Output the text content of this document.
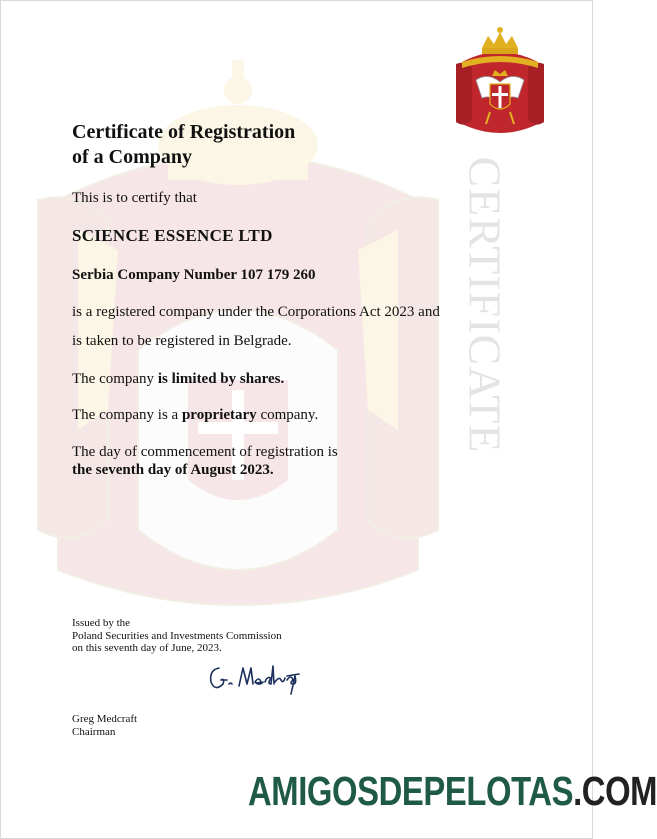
CERTIFICATE
Certificate of Registration
of a Company

This is to certify that

SCIENCE ESSENCE LTD

Serbia Company Number 107 179 260

is a registered company under the Corporations Act 2023 and

is taken to be registered in Belgrade.

The company is limited by shares.

The company is a proprietary company.

The day of commencement of registration is

the seventh day of August 2023.

Issued by the
Poland Securities and Investments Commission
on this seventh day of June, 2023.

Greg Medcraft
Chairman

AMIGOSDEPELOTAS.COM
